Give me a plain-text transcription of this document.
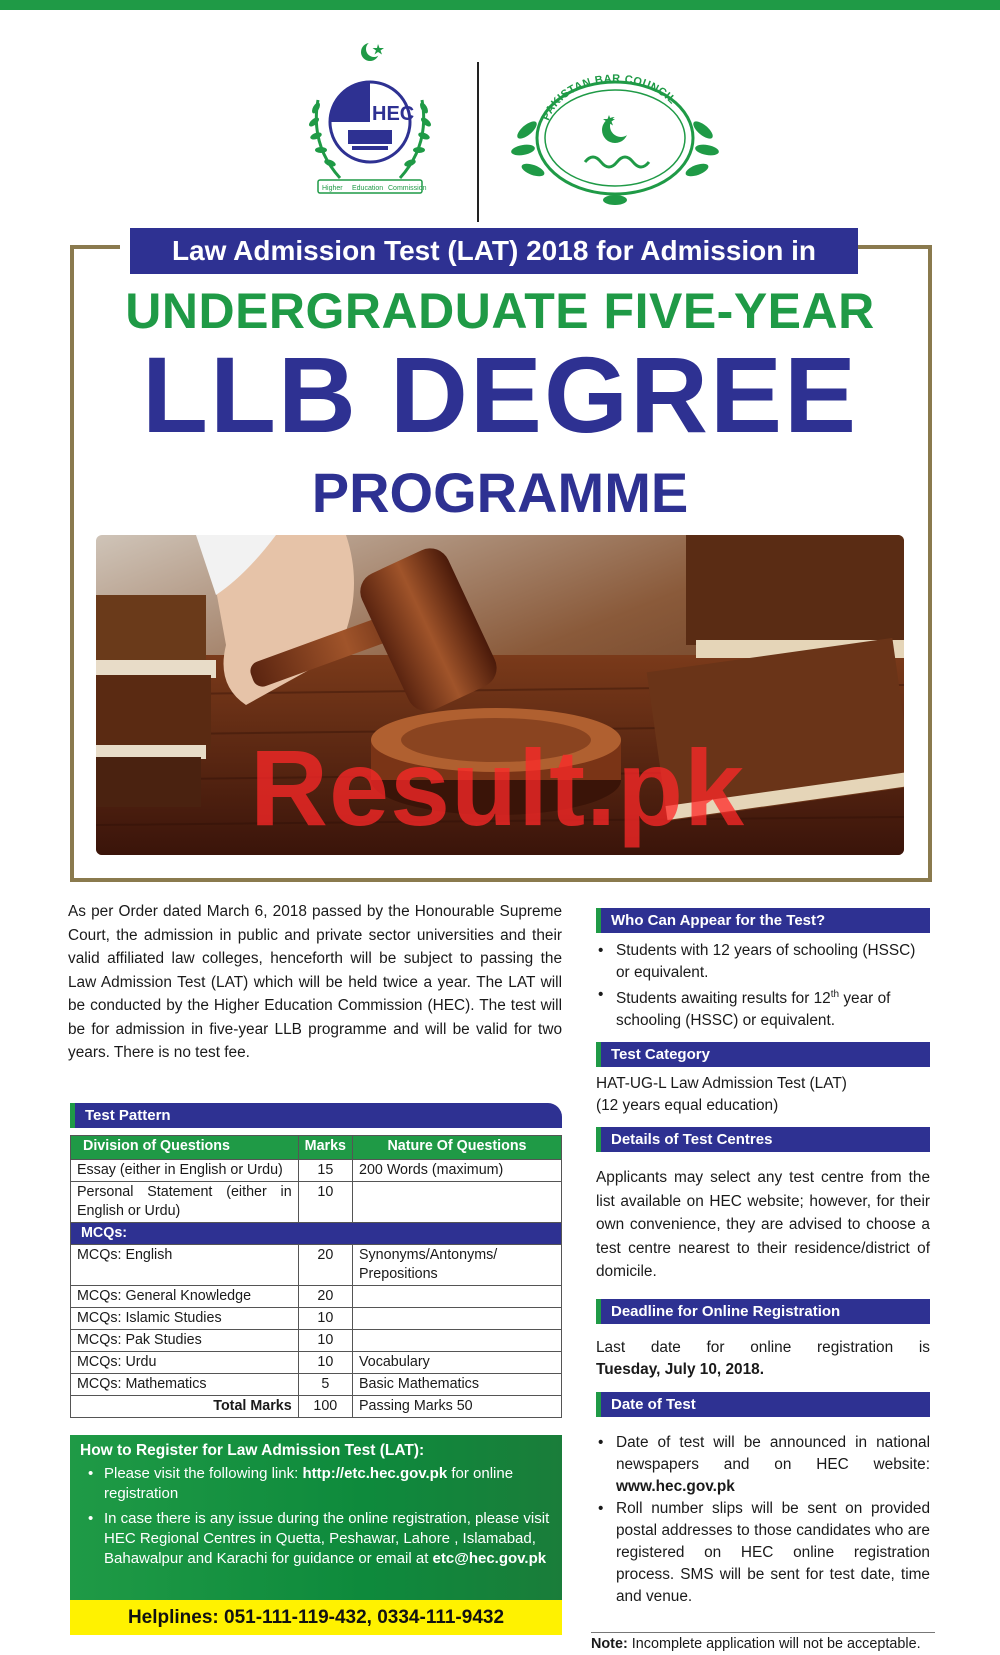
HEC
Higher Education Commission
PAKISTAN BAR COUNCIL
Law Admission Test (LAT) 2018 for Admission in
UNDERGRADUATE FIVE-YEAR
LLB DEGREE
PROGRAMME
Result.pk

As per Order dated March 6, 2018 passed by the Honourable Supreme Court, the admission in public and private sector universities and their valid affiliated law colleges, henceforth will be subject to passing the Law Admission Test (LAT) which will be held twice a year. The LAT will be conducted by the Higher Education Commission (HEC). The test will be for admission in five-year LLB programme and will be valid for two years. There is no test fee.

Test Pattern
Division of Questions	Marks	Nature Of Questions
Essay (either in English or Urdu)	15	200 Words (maximum)
Personal Statement (either in English or Urdu)	10	
MCQs:		
MCQs: English	20	Synonyms/Antonyms/ Prepositions
MCQs: General Knowledge	20	
MCQs: Islamic Studies	10	
MCQs: Pak Studies	10	
MCQs: Urdu	10	Vocabulary
MCQs: Mathematics	5	Basic Mathematics
Total Marks	100	Passing Marks 50
How to Register for Law Admission Test (LAT):
• Please visit the following link: http://etc.hec.gov.pk for online registration
• In case there is any issue during the online registration, please visit HEC Regional Centres in Quetta, Peshawar, Lahore , Islamabad, Bahawalpur and Karachi for guidance or email at etc@hec.gov.pk
Helplines: 051-111-119-432, 0334-111-9432
Who Can Appear for the Test?
• Students with 12 years of schooling (HSSC) or equivalent.
• Students awaiting results for 12th year of schooling (HSSC) or equivalent.
Test Category
HAT-UG-L Law Admission Test (LAT)
(12 years equal education)
Details of Test Centres

Applicants may select any test centre from the list available on HEC website; however, for their own convenience, they are advised to choose a test centre nearest to their residence/district of domicile.

Deadline for Online Registration
Last date for online registration is
Tuesday, July 10, 2018.
Date of Test
• Date of test will be announced in national newspapers and on HEC website: www.hec.gov.pk
• Roll number slips will be sent on provided postal addresses to those candidates who are registered on HEC online registration process. SMS will be sent for test date, time and venue.
Note: Incomplete application will not be acceptable.
